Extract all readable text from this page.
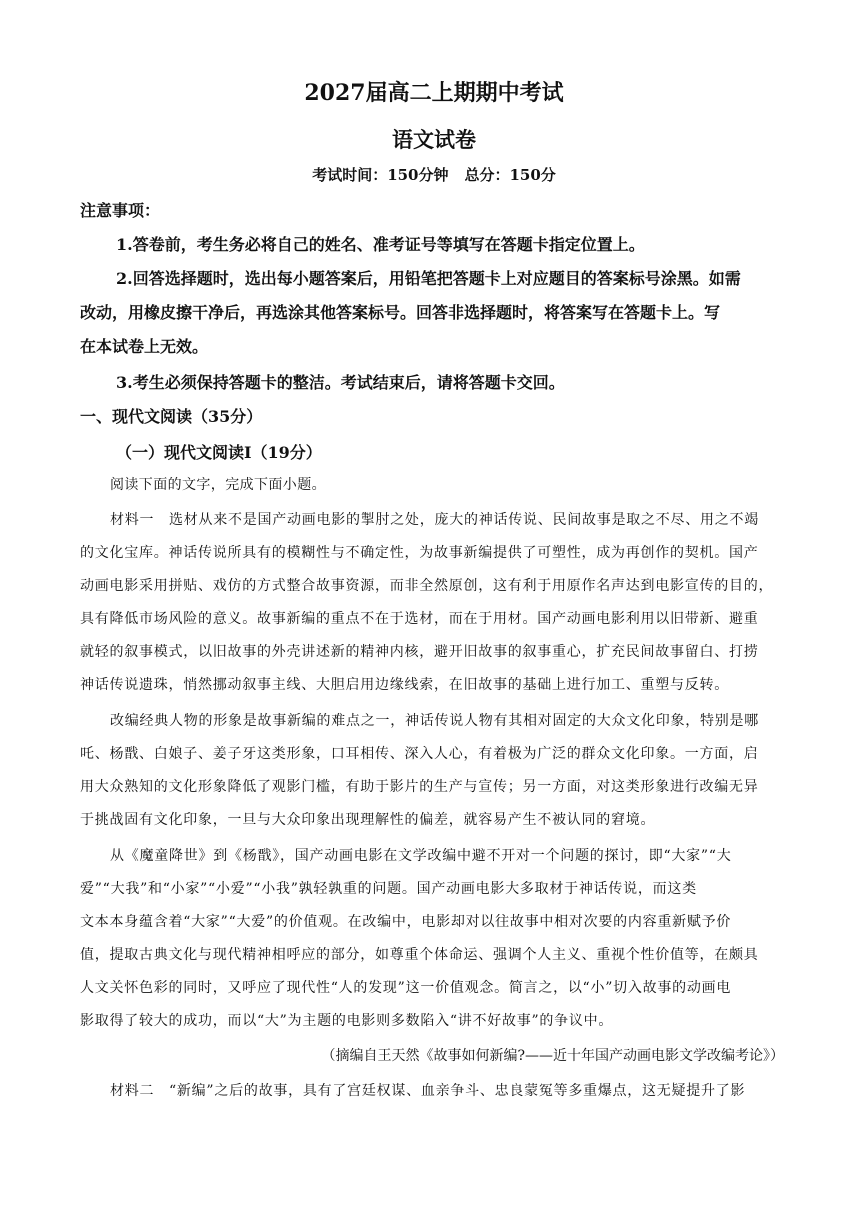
2027届高二上期期中考试
语文试卷
考试时间：150分钟 总分：150分
注意事项：
1.答卷前，考生务必将自己的姓名、准考证号等填写在答题卡指定位置上。
2.回答选择题时，选出每小题答案后，用铅笔把答题卡上对应题目的答案标号涂黑。如需
改动，用橡皮擦干净后，再选涂其他答案标号。回答非选择题时，将答案写在答题卡上。写
在本试卷上无效。
3.考生必须保持答题卡的整洁。考试结束后，请将答题卡交回。
一、现代文阅读（35分）
（一）现代文阅读Ⅰ（19分）
阅读下面的文字，完成下面小题。
材料一　选材从来不是国产动画电影的掣肘之处，庞大的神话传说、民间故事是取之不尽、用之不竭
的文化宝库。神话传说所具有的模糊性与不确定性，为故事新编提供了可塑性，成为再创作的契机。国产
动画电影采用拼贴、戏仿的方式整合故事资源，而非全然原创，这有利于用原作名声达到电影宣传的目的，
具有降低市场风险的意义。故事新编的重点不在于选材，而在于用材。国产动画电影利用以旧带新、避重
就轻的叙事模式，以旧故事的外壳讲述新的精神内核，避开旧故事的叙事重心，扩充民间故事留白、打捞
神话传说遗珠，悄然挪动叙事主线、大胆启用边缘线索，在旧故事的基础上进行加工、重塑与反转。
改编经典人物的形象是故事新编的难点之一，神话传说人物有其相对固定的大众文化印象，特别是哪
吒、杨戬、白娘子、姜子牙这类形象，口耳相传、深入人心，有着极为广泛的群众文化印象。一方面，启
用大众熟知的文化形象降低了观影门槛，有助于影片的生产与宣传；另一方面，对这类形象进行改编无异
于挑战固有文化印象，一旦与大众印象出现理解性的偏差，就容易产生不被认同的窘境。
从《魔童降世》到《杨戬》，国产动画电影在文学改编中避不开对一个问题的探讨，即“大家”“大
爱”“大我”和“小家”“小爱”“小我”孰轻孰重的问题。国产动画电影大多取材于神话传说，而这类
文本本身蕴含着“大家”“大爱”的价值观。在改编中，电影却对以往故事中相对次要的内容重新赋予价
值，提取古典文化与现代精神相呼应的部分，如尊重个体命运、强调个人主义、重视个性价值等，在颇具
人文关怀色彩的同时，又呼应了现代性“人的发现”这一价值观念。简言之，以“小”切入故事的动画电
影取得了较大的成功，而以“大”为主题的电影则多数陷入“讲不好故事”的争议中。
（摘编自王天然《故事如何新编?——近十年国产动画电影文学改编考论》）
材料二　“新编”之后的故事，具有了宫廷权谋、血亲争斗、忠良蒙冤等多重爆点，这无疑提升了影
